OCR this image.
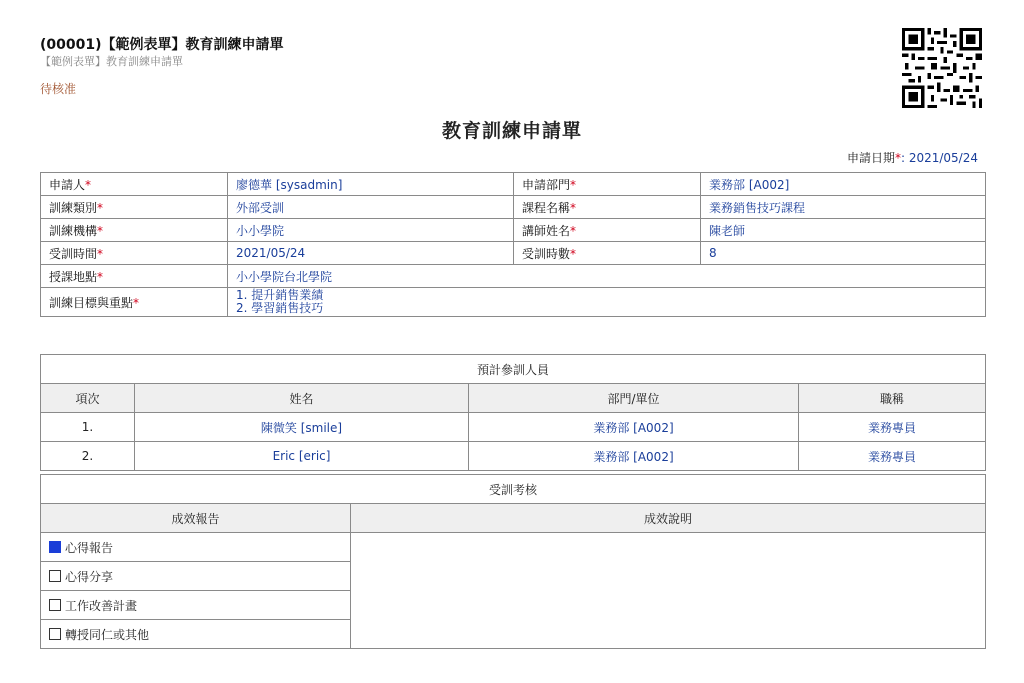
(00001)【範例表單】教育訓練申請單
【範例表單】教育訓練申請單
待核准
教育訓練申請單
申請日期*: 2021/05/24
申請人*	廖德華 [sysadmin]	申請部門*	業務部 [A002]
訓練類別*	外部受訓	課程名稱*	業務銷售技巧課程
訓練機構*	小小學院	講師姓名*	陳老師
受訓時間*	2021/05/24	受訓時數*	8
授課地點*	小小學院台北學院		
訓練目標與重點*	1. 提升銷售業績
2. 學習銷售技巧		
預計參訓人員			
項次	姓名	部門/單位	職稱
1.	陳微笑 [smile]	業務部 [A002]	業務專員
2.	Eric [eric]	業務部 [A002]	業務專員
受訓考核	
成效報告	成效說明
心得報告	
心得分享	
工作改善計畫	
轉授同仁或其他	
